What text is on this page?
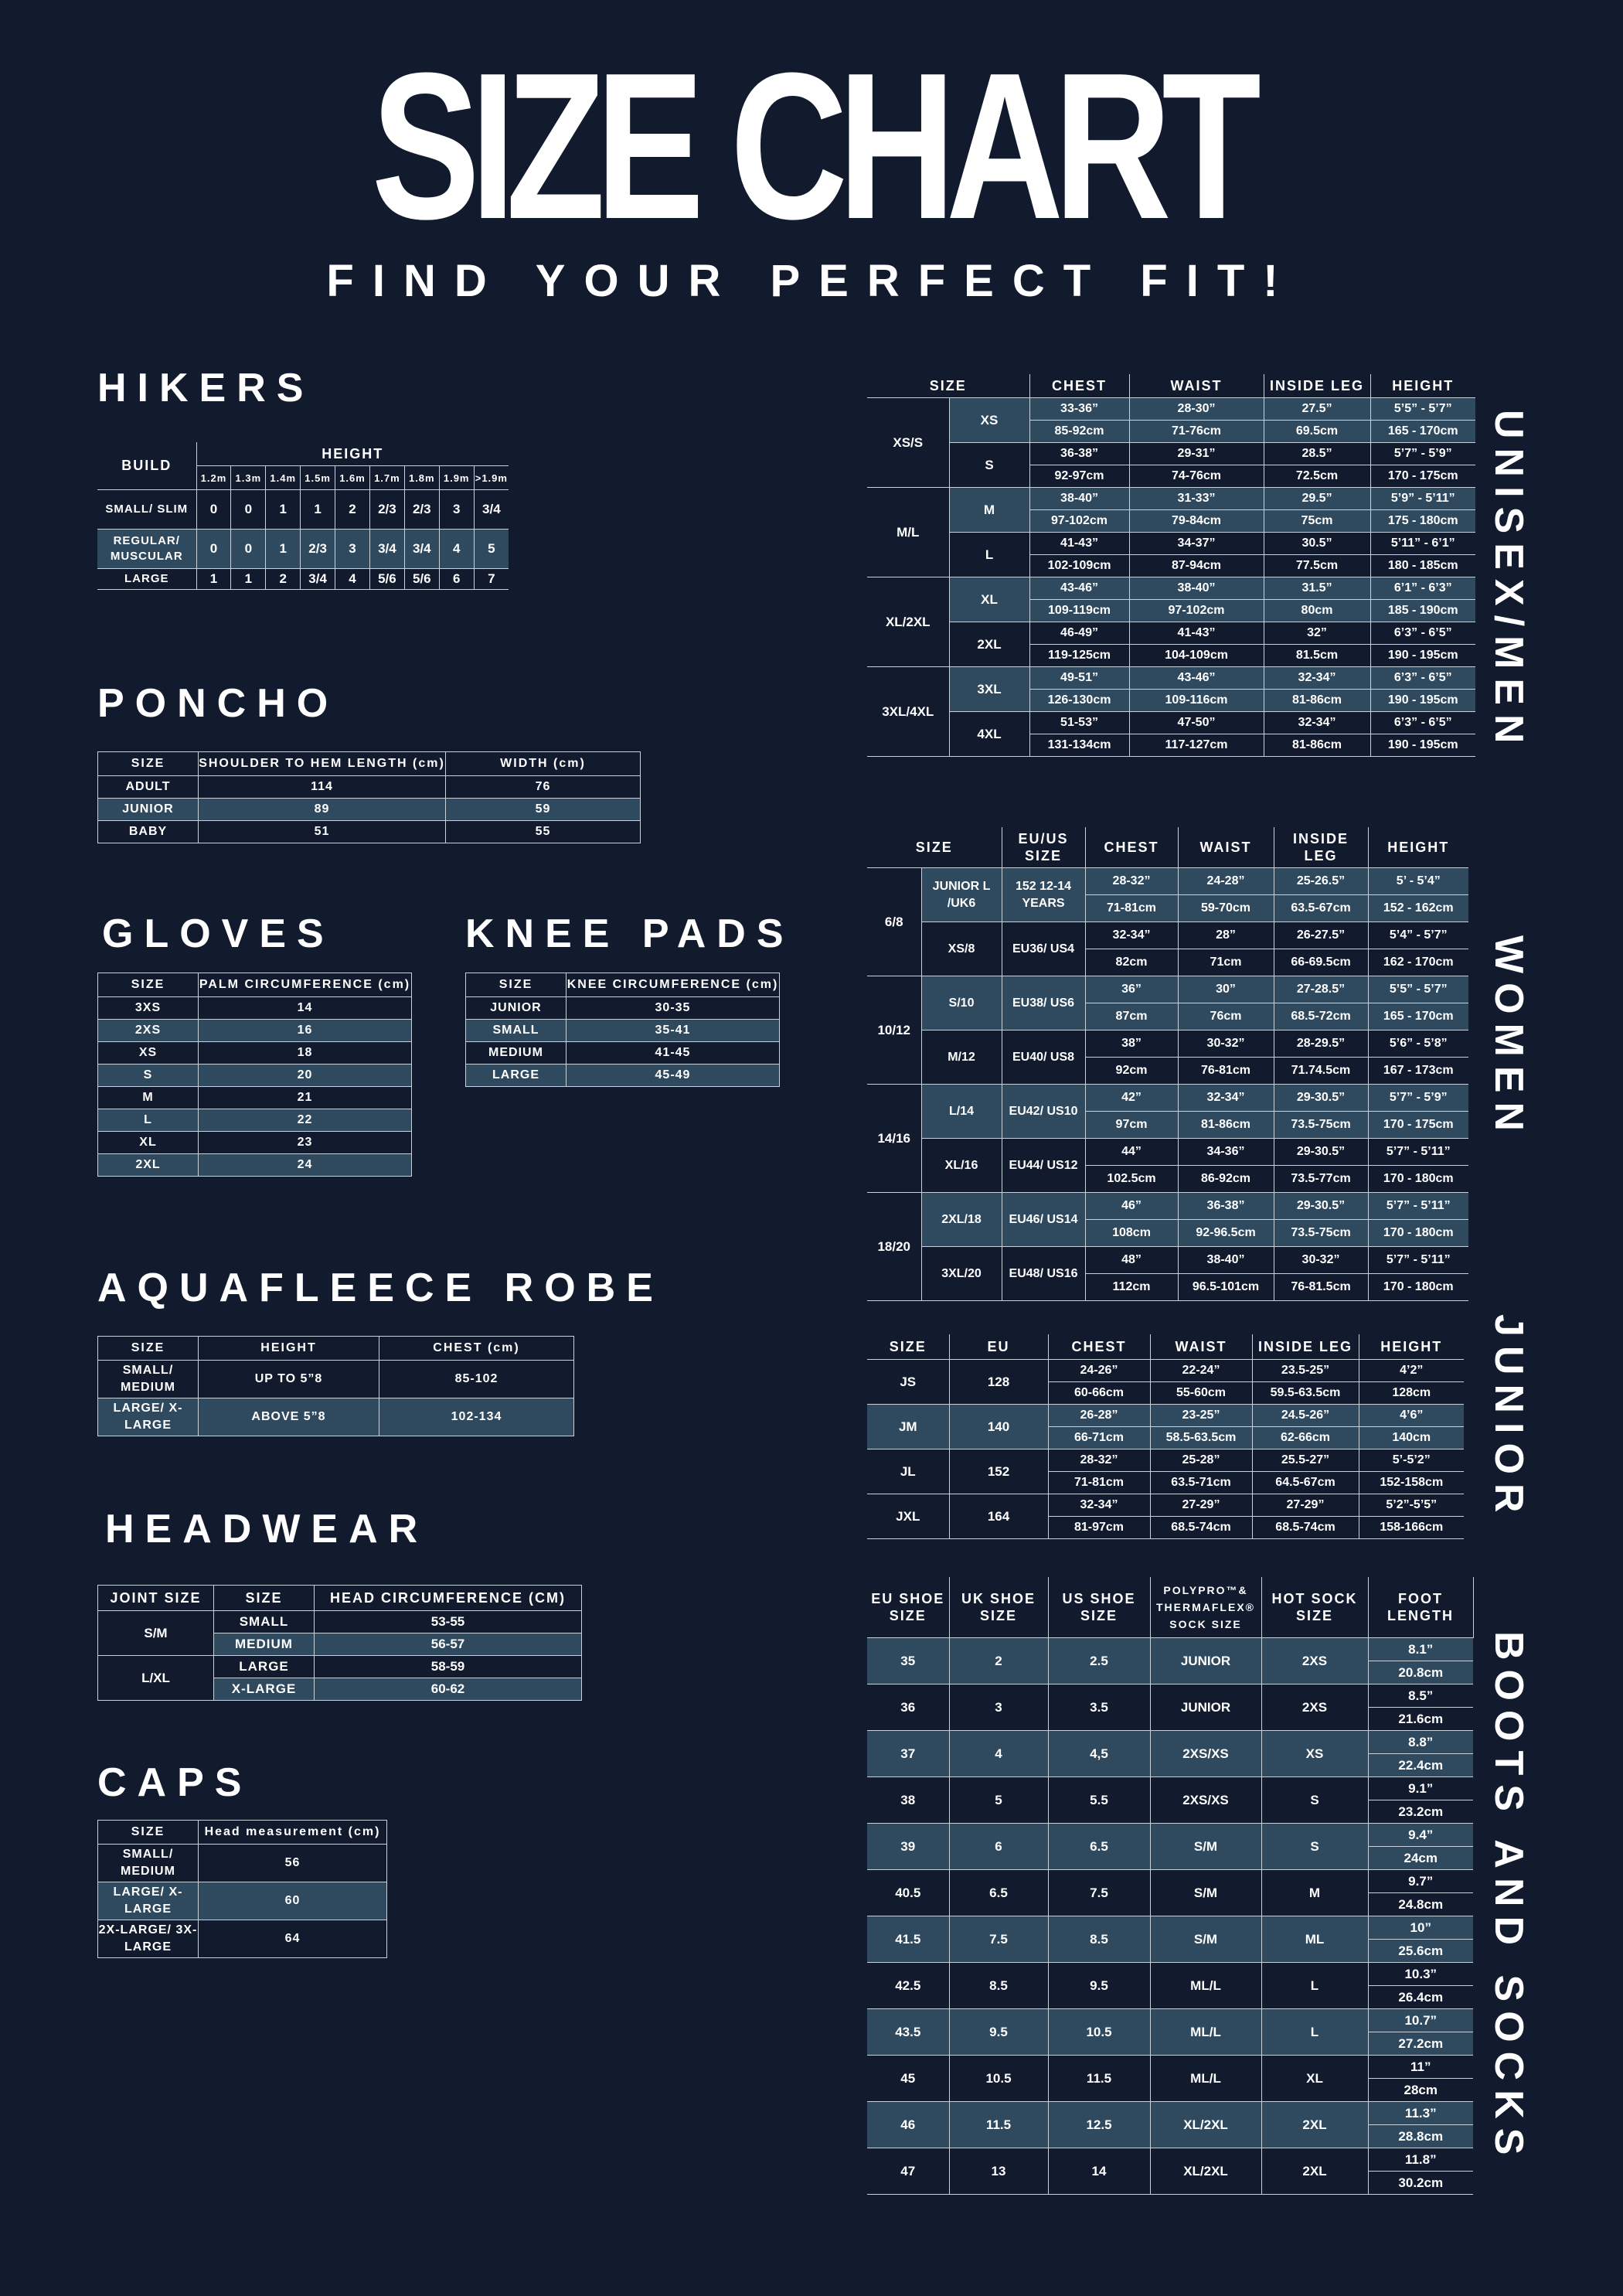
SIZE CHART
FIND YOUR PERFECT FIT!
HIKERS
BUILD	HEIGHT								
	1.2m	1.3m	1.4m	1.5m	1.6m	1.7m	1.8m	1.9m	>1.9m
SMALL/ SLIM	0	0	1	1	2	2/3	2/3	3	3/4
REGULAR/ MUSCULAR	0	0	1	2/3	3	3/4	3/4	4	5
LARGE	1	1	2	3/4	4	5/6	5/6	6	7
PONCHO
SIZE	SHOULDER TO HEM LENGTH (cm)	WIDTH (cm)
ADULT	114	76
JUNIOR	89	59
BABY	51	55
GLOVES
SIZE	PALM CIRCUMFERENCE (cm)
3XS	14
2XS	16
XS	18
S	20
M	21
L	22
XL	23
2XL	24
KNEE PADS
SIZE	KNEE CIRCUMFERENCE (cm)
JUNIOR	30-35
SMALL	35-41
MEDIUM	41-45
LARGE	45-49
AQUAFLEECE ROBE
SIZE	HEIGHT	CHEST (cm)
SMALL/ MEDIUM	UP TO 5”8	85-102
LARGE/ X-LARGE	ABOVE 5”8	102-134
HEADWEAR
JOINT SIZE	SIZE	HEAD CIRCUMFERENCE (CM)
S/M	SMALL	53-55
	MEDIUM	56-57
L/XL	LARGE	58-59
	X-LARGE	60-62
CAPS
SIZE	Head measurement (cm)
SMALL/ MEDIUM	56
LARGE/ X-LARGE	60
2X-LARGE/ 3X-LARGE	64
SIZE		CHEST	WAIST	INSIDE LEG	HEIGHT
XS/S	XS	33-36”	28-30”	27.5”	5’5” - 5’7”
		85-92cm	71-76cm	69.5cm	165 - 170cm
	S	36-38”	29-31”	28.5”	5’7” - 5’9”
		92-97cm	74-76cm	72.5cm	170 - 175cm
M/L	M	38-40”	31-33”	29.5”	5’9” - 5’11”
		97-102cm	79-84cm	75cm	175 - 180cm
	L	41-43”	34-37”	30.5”	5’11” - 6’1”
		102-109cm	87-94cm	77.5cm	180 - 185cm
XL/2XL	XL	43-46”	38-40”	31.5”	6’1” - 6’3”
		109-119cm	97-102cm	80cm	185 - 190cm
	2XL	46-49”	41-43”	32”	6’3” - 6’5”
		119-125cm	104-109cm	81.5cm	190 - 195cm
3XL/4XL	3XL	49-51”	43-46”	32-34”	6’3” - 6’5”
		126-130cm	109-116cm	81-86cm	190 - 195cm
	4XL	51-53”	47-50”	32-34”	6’3” - 6’5”
		131-134cm	117-127cm	81-86cm	190 - 195cm UNISEX/MEN
SIZE		EU/US SIZE	CHEST	WAIST	INSIDE LEG	HEIGHT
6/8	JUNIOR L /UK6	152 12-14 YEARS	28-32”	24-28”	25-26.5”	5’ - 5’4”
			71-81cm	59-70cm	63.5-67cm	152 - 162cm
	XS/8	EU36/ US4	32-34”	28”	26-27.5”	5’4” - 5’7”
			82cm	71cm	66-69.5cm	162 - 170cm
10/12	S/10	EU38/ US6	36”	30”	27-28.5”	5’5” - 5’7”
			87cm	76cm	68.5-72cm	165 - 170cm
	M/12	EU40/ US8	38”	30-32”	28-29.5”	5’6” - 5’8”
			92cm	76-81cm	71.74.5cm	167 - 173cm
14/16	L/14	EU42/ US10	42”	32-34”	29-30.5”	5’7” - 5’9”
			97cm	81-86cm	73.5-75cm	170 - 175cm
	XL/16	EU44/ US12	44”	34-36”	29-30.5”	5’7” - 5’11”
			102.5cm	86-92cm	73.5-77cm	170 - 180cm
18/20	2XL/18	EU46/ US14	46”	36-38”	29-30.5”	5’7” - 5’11”
			108cm	92-96.5cm	73.5-75cm	170 - 180cm
	3XL/20	EU48/ US16	48”	38-40”	30-32”	5’7” - 5’11”
			112cm	96.5-101cm	76-81.5cm	170 - 180cm
WOMEN
SIZE	EU	CHEST	WAIST	INSIDE LEG	HEIGHT
JS	128	24-26”	22-24”	23.5-25”	4’2”
		60-66cm	55-60cm	59.5-63.5cm	128cm
JM	140	26-28”	23-25”	24.5-26”	4’6”
		66-71cm	58.5-63.5cm	62-66cm	140cm
JL	152	28-32”	25-28”	25.5-27”	5’-5’2”
		71-81cm	63.5-71cm	64.5-67cm	152-158cm
JXL	164	32-34”	27-29”	27-29”	5’2”-5’5”
		81-97cm	68.5-74cm	68.5-74cm	158-166cm
JUNIOR
EU SHOE SIZE	UK SHOE SIZE	US SHOE SIZE	POLYPRO™& THERMAFLEX® SOCK SIZE	HOT SOCK SIZE	FOOT LENGTH
35	2	2.5	JUNIOR	2XS	8.1”
					20.8cm
36	3	3.5	JUNIOR	2XS	8.5”
					21.6cm
37	4	4,5	2XS/XS	XS	8.8”
					22.4cm
38	5	5.5	2XS/XS	S	9.1”
					23.2cm
39	6	6.5	S/M	S	9.4”
					24cm
40.5	6.5	7.5	S/M	M	9.7”
					24.8cm
41.5	7.5	8.5	S/M	ML	10”
					25.6cm
42.5	8.5	9.5	ML/L	L	10.3”
					26.4cm
43.5	9.5	10.5	ML/L	L	10.7”
					27.2cm
45	10.5	11.5	ML/L	XL	11”
					28cm
46	11.5	12.5	XL/2XL	2XL	11.3”
					28.8cm
47	13	14	XL/2XL	2XL	11.8”
					30.2cm
BOOTS AND SOCKS
